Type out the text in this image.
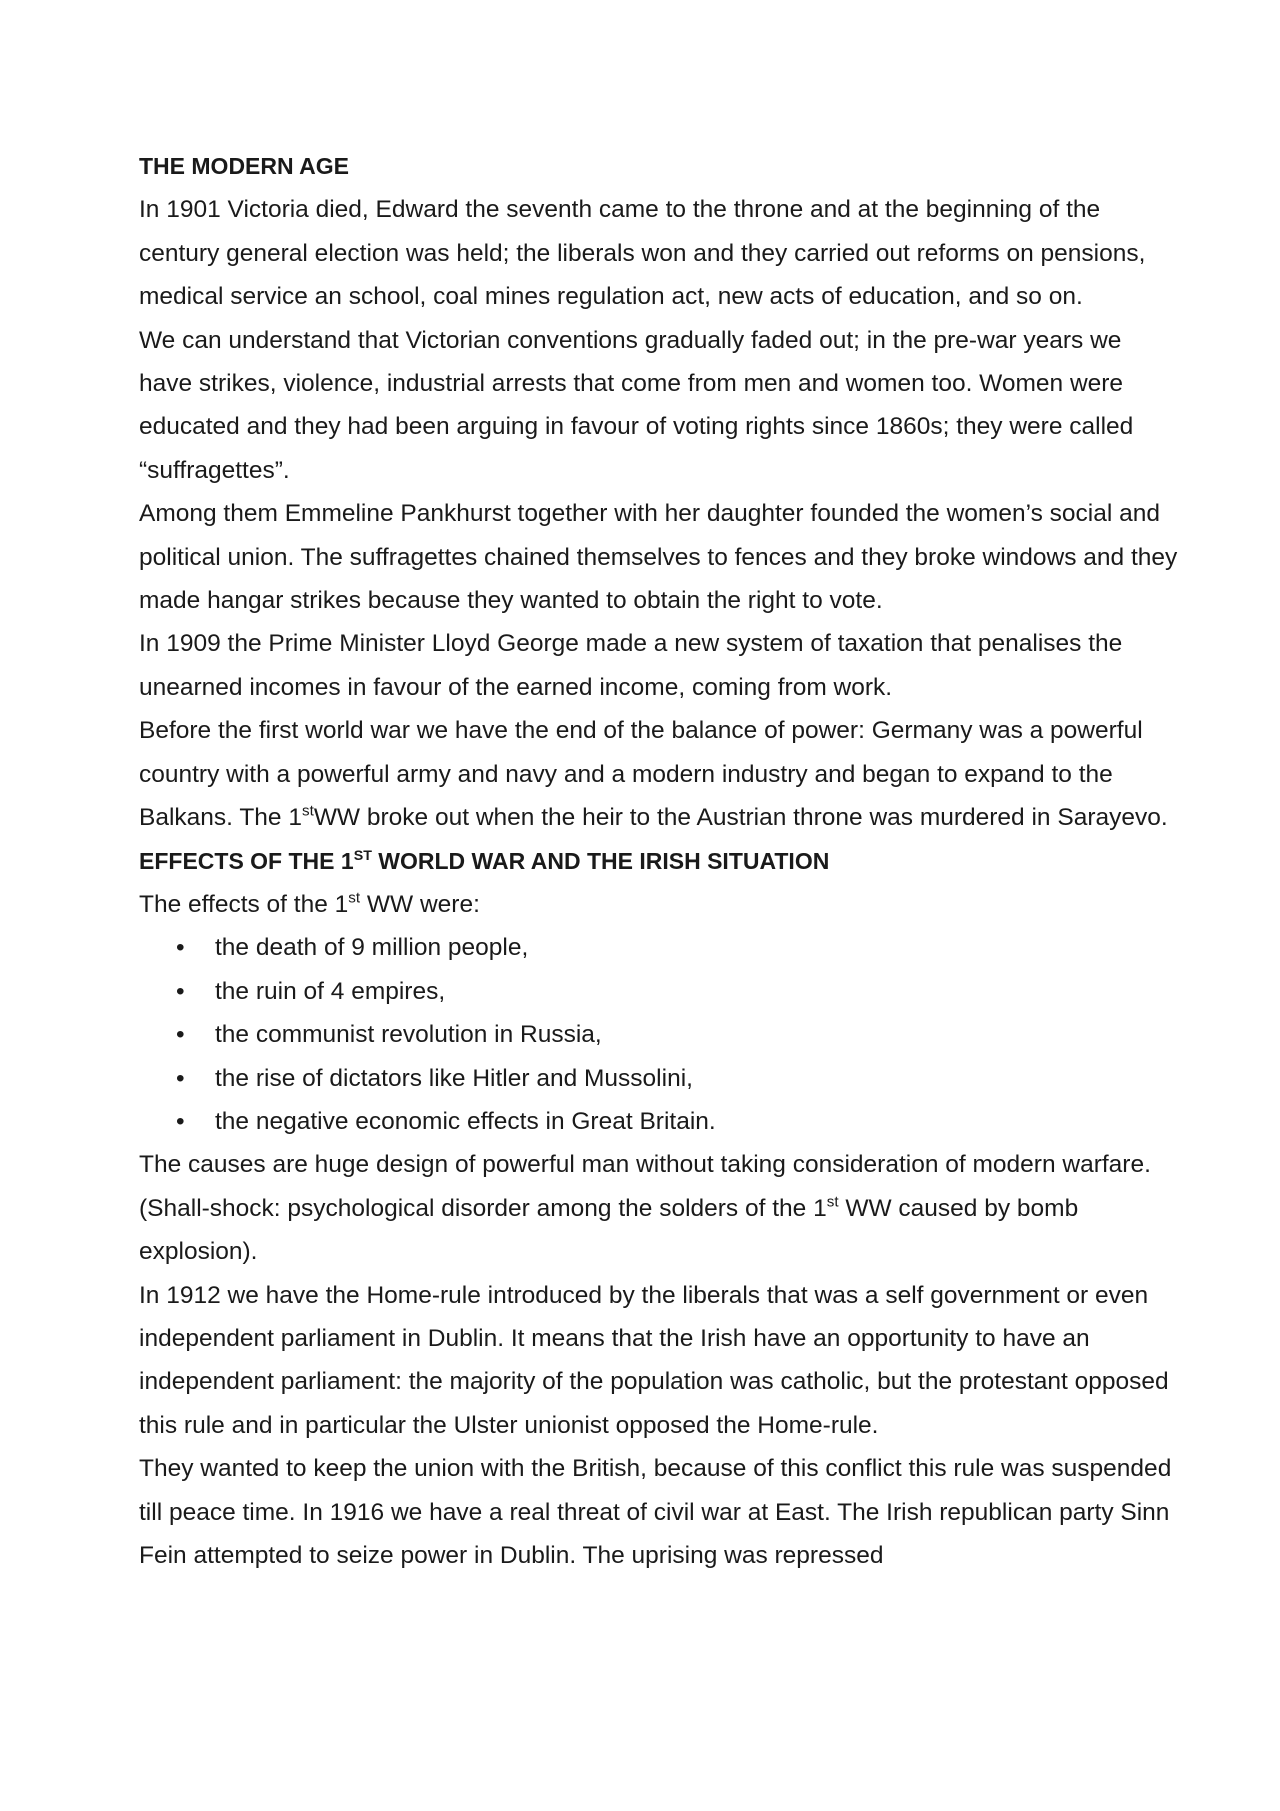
THE MODERN AGE

In 1901 Victoria died, Edward the seventh came to the throne and at the beginning of the century general election was held; the liberals won and they carried out reforms on pensions, medical service an school, coal mines regulation act, new acts of education, and so on.

We can understand that Victorian conventions gradually faded out; in the pre-war years we have strikes, violence, industrial arrests that come from men and women too. Women were educated and they had been arguing in favour of voting rights since 1860s; they were called “suffragettes”.

Among them Emmeline Pankhurst together with her daughter founded the women’s social and political union. The suffragettes chained themselves to fences and they broke windows and they made hangar strikes because they wanted to obtain the right to vote.

In 1909 the Prime Minister Lloyd George made a new system of taxation that penalises the unearned incomes in favour of the earned income, coming from work.

Before the first world war we have the end of the balance of power: Germany was a powerful country with a powerful army and navy and a modern industry and began to expand to the Balkans. The 1stWW broke out when the heir to the Austrian throne was murdered in Sarayevo.

EFFECTS OF THE 1ST WORLD WAR AND THE IRISH SITUATION

The effects of the 1st WW were:

• the death of 9 million people,
• the ruin of 4 empires,
• the communist revolution in Russia,
• the rise of dictators like Hitler and Mussolini,
• the negative economic effects in Great Britain.

The causes are huge design of powerful man without taking consideration of modern warfare. (Shall-shock: psychological disorder among the solders of the 1st WW caused by bomb explosion).

In 1912 we have the Home-rule introduced by the liberals that was a self government or even independent parliament in Dublin. It means that the Irish have an opportunity to have an independent parliament: the majority of the population was catholic, but the protestant opposed this rule and in particular the Ulster unionist opposed the Home-rule.

They wanted to keep the union with the British, because of this conflict this rule was suspended till peace time. In 1916 we have a real threat of civil war at East. The Irish republican party Sinn Fein attempted to seize power in Dublin. The uprising was repressed
